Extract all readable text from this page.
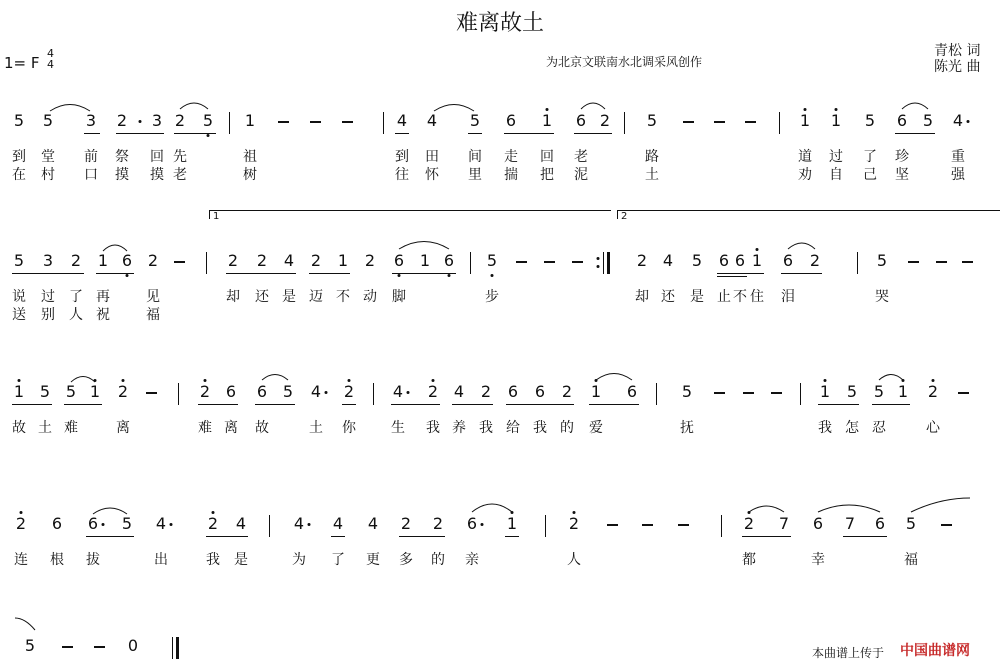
难离故土
1= F
4
4	为北京文联南水北调采风创作
青松 词
陈光 曲
5 5 3 2 3 2 5 1	4 4 5 6 1 6 2 5	1 1 5 6 5 4
到 堂 前 祭 回 先	祖	到 田 间 走 回 老	路	道 过 了 珍	重
在 村 口 摸 摸 老	树	往 怀 里 揣 把 泥	土	劝 自 己 坚	强
1	2
5 3 2 1 6 2	2 2 4 2 1 2 6 1 6 5	2 4 5 6 6 1 6 2	5
说 过 了 再	见	却 还 是 迈 不 动 脚	步	却 还 是 止 不 住 泪	哭
送 别 人 祝	福
1 5 5 1 2	2 6 6 5 4 2 4 2 4 2 6 6 2 1 6	5	1 5 5 1 2
故 土 难	离	难 离 故	土 你	生 我 养 我 给 我 的 爱	抚	我 怎 忍	心
2 6 6 5 4	2 4	4 4 4 2 2 6 1	2	2 7 6 7 6 5
连 根 拔	出	我 是	为 了 更 多 的 亲	人	都	幸	福
5	0	本曲谱上传于 中国曲谱网
